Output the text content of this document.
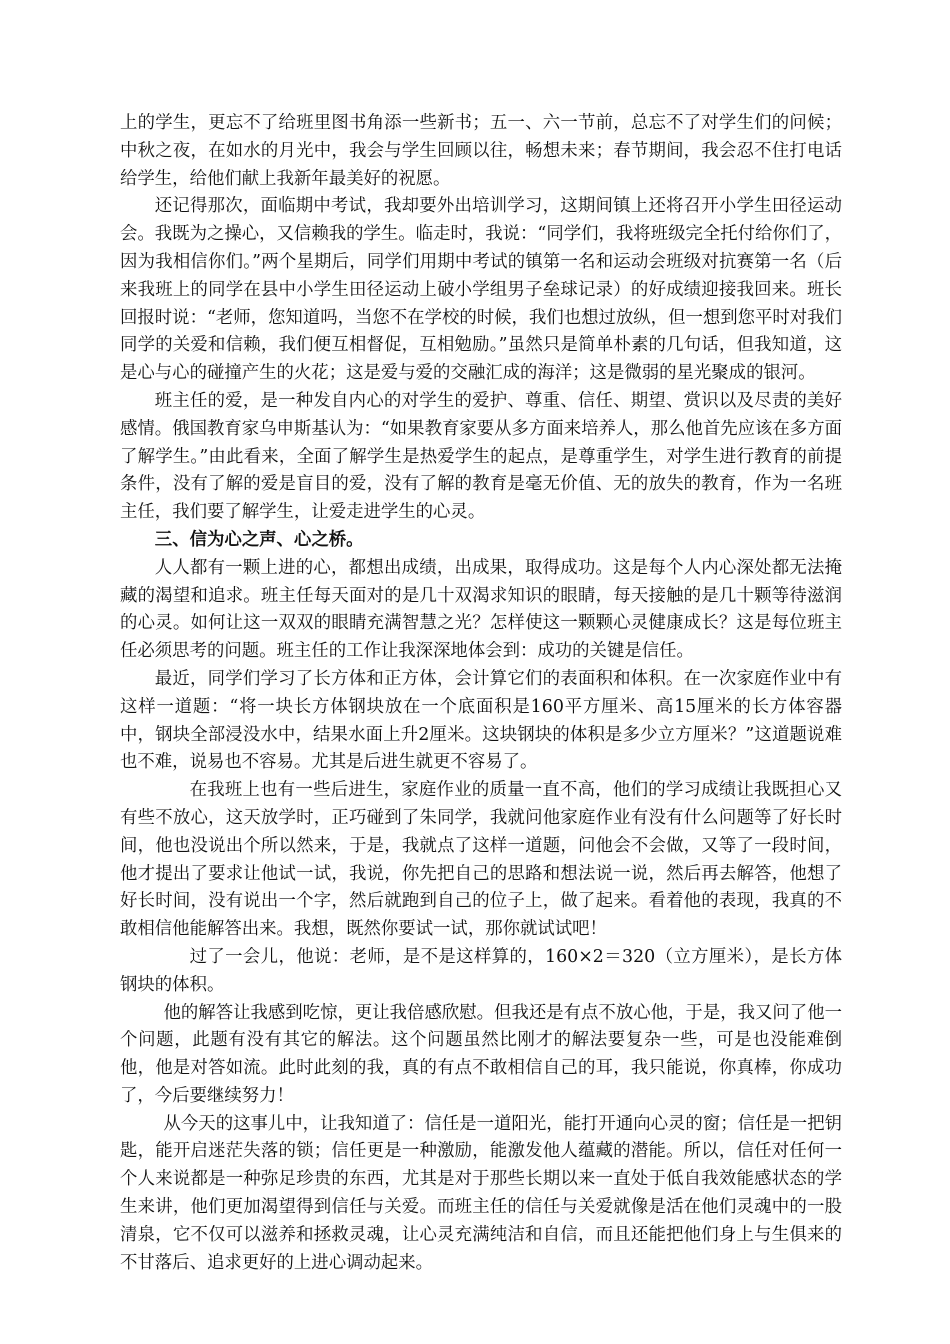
上的学生，更忘不了给班里图书角添一些新书；五一、六一节前，总忘不了对学生们的问候；中秋之夜，在如水的月光中，我会与学生回顾以往，畅想未来；春节期间，我会忍不住打电话给学生，给他们献上我新年最美好的祝愿。

还记得那次，面临期中考试，我却要外出培训学习，这期间镇上还将召开小学生田径运动会。我既为之操心，又信赖我的学生。临走时，我说：“同学们，我将班级完全托付给你们了，因为我相信你们。”两个星期后，同学们用期中考试的镇第一名和运动会班级对抗赛第一名（后来我班上的同学在县中小学生田径运动上破小学组男子垒球记录）的好成绩迎接我回来。班长回报时说：“老师，您知道吗，当您不在学校的时候，我们也想过放纵，但一想到您平时对我们同学的关爱和信赖，我们便互相督促，互相勉励。”虽然只是简单朴素的几句话，但我知道，这是心与心的碰撞产生的火花；这是爱与爱的交融汇成的海洋；这是微弱的星光聚成的银河。

班主任的爱，是一种发自内心的对学生的爱护、尊重、信任、期望、赏识以及尽责的美好感情。俄国教育家乌申斯基认为：“如果教育家要从多方面来培养人，那么他首先应该在多方面了解学生。”由此看来，全面了解学生是热爱学生的起点，是尊重学生，对学生进行教育的前提条件，没有了解的爱是盲目的爱，没有了解的教育是毫无价值、无的放失的教育，作为一名班主任，我们要了解学生，让爱走进学生的心灵。

三、信为心之声、心之桥。

人人都有一颗上进的心，都想出成绩，出成果，取得成功。这是每个人内心深处都无法掩藏的渴望和追求。班主任每天面对的是几十双渴求知识的眼睛，每天接触的是几十颗等待滋润的心灵。如何让这一双双的眼睛充满智慧之光？怎样使这一颗颗心灵健康成长？这是每位班主任必须思考的问题。班主任的工作让我深深地体会到：成功的关键是信任。

最近，同学们学习了长方体和正方体，会计算它们的表面积和体积。在一次家庭作业中有这样一道题：“将一块长方体钢块放在一个底面积是160平方厘米、高15厘米的长方体容器中，钢块全部浸没水中，结果水面上升2厘米。这块钢块的体积是多少立方厘米？”这道题说难也不难，说易也不容易。尤其是后进生就更不容易了。

在我班上也有一些后进生，家庭作业的质量一直不高，他们的学习成绩让我既担心又有些不放心，这天放学时，正巧碰到了朱同学，我就问他家庭作业有没有什么问题等了好长时间，他也没说出个所以然来，于是，我就点了这样一道题，问他会不会做，又等了一段时间，他才提出了要求让他试一试，我说，你先把自己的思路和想法说一说，然后再去解答，他想了好长时间，没有说出一个字，然后就跑到自己的位子上，做了起来。看着他的表现，我真的不敢相信他能解答出来。我想，既然你要试一试，那你就试试吧！

过了一会儿，他说：老师，是不是这样算的，160×2＝320（立方厘米），是长方体钢块的体积。

他的解答让我感到吃惊，更让我倍感欣慰。但我还是有点不放心他，于是，我又问了他一个问题，此题有没有其它的解法。这个问题虽然比刚才的解法要复杂一些，可是也没能难倒他，他是对答如流。此时此刻的我，真的有点不敢相信自己的耳，我只能说，你真棒，你成功了，今后要继续努力！

从今天的这事儿中，让我知道了：信任是一道阳光，能打开通向心灵的窗；信任是一把钥匙，能开启迷茫失落的锁；信任更是一种激励，能激发他人蕴藏的潜能。所以，信任对任何一个人来说都是一种弥足珍贵的东西，尤其是对于那些长期以来一直处于低自我效能感状态的学生来讲，他们更加渴望得到信任与关爱。而班主任的信任与关爱就像是活在他们灵魂中的一股清泉，它不仅可以滋养和拯救灵魂，让心灵充满纯洁和自信，而且还能把他们身上与生俱来的不甘落后、追求更好的上进心调动起来。
